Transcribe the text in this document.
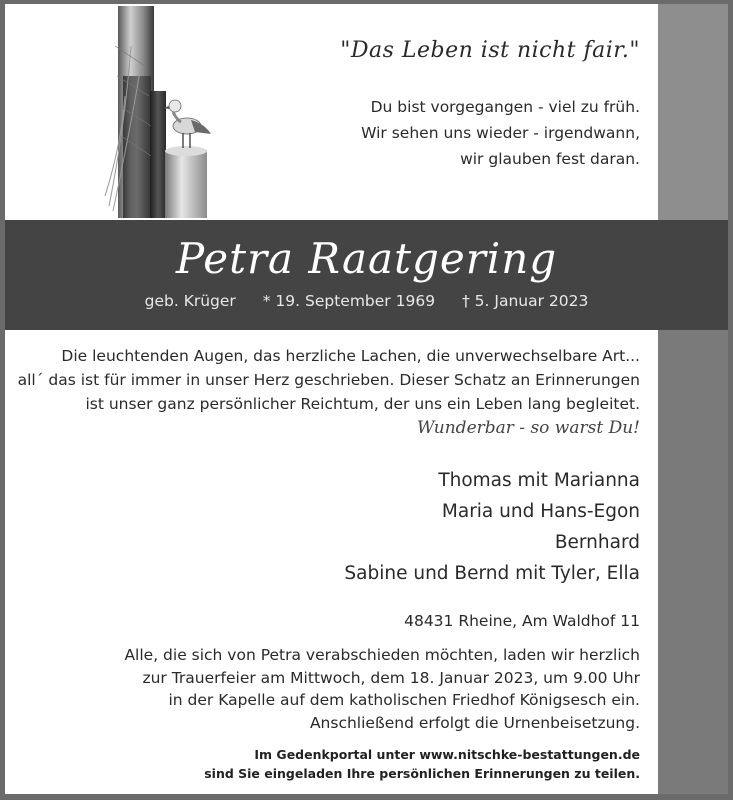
"Das Leben ist nicht fair."
Du bist vorgegangen - viel zu früh.
Wir sehen uns wieder - irgendwann,
wir glauben fest daran.
Petra Raatgering
geb. Krüger * 19. September 1969 † 5. Januar 2023
Die leuchtenden Augen, das herzliche Lachen, die unverwechselbare Art...
all´ das ist für immer in unser Herz geschrieben. Dieser Schatz an Erinnerungen
ist unser ganz persönlicher Reichtum, der uns ein Leben lang begleitet.
Wunderbar - so warst Du!
Thomas mit Marianna
Maria und Hans-Egon
Bernhard
Sabine und Bernd mit Tyler, Ella
48431 Rheine, Am Waldhof 11
Alle, die sich von Petra verabschieden möchten, laden wir herzlich
zur Trauerfeier am Mittwoch, dem 18. Januar 2023, um 9.00 Uhr
in der Kapelle auf dem katholischen Friedhof Königsesch ein.
Anschließend erfolgt die Urnenbeisetzung.
Im Gedenkportal unter www.nitschke-bestattungen.de
sind Sie eingeladen Ihre persönlichen Erinnerungen zu teilen.
